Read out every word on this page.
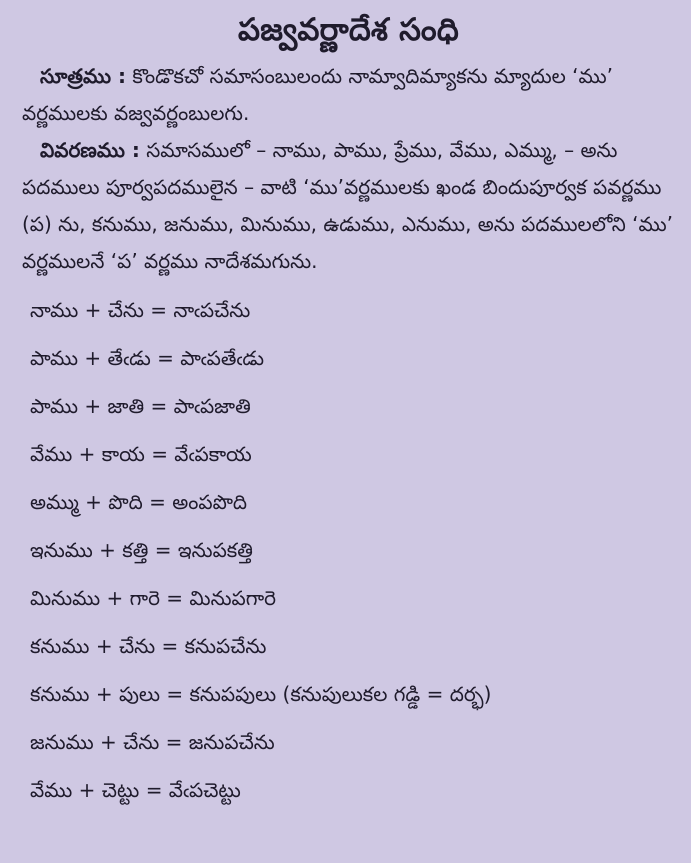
పజ్వవర్ణాదేశ సంధి

సూత్రము : కొండొకచో సమాసంబులందు నామ్వాదిమ్యాకను మ్యాదుల ‘ము’ వర్ణములకు వజ్వవర్ణంబులగు.

వివరణము : సమాసములో – నాము, పాము, ప్రేము, వేము, ఎమ్ము, – అను పదములు పూర్వపదములైన – వాటి ‘ము’వర్ణములకు ఖండ బిందుపూర్వక పవర్ణము (ప) ను, కనుము, జనుము, మినుము, ఉడుము, ఎనుము, అను పదములలోని ‘ము’ వర్ణములనే ‘ప’ వర్ణము నాదేశమగును.

నాము + చేను = నాఁపచేను
పాము + తేఁడు = పాఁపతేఁడు
పాము + జాతి = పాఁపజాతి
వేము + కాయ = వేఁపకాయ
అమ్ము + పొది = అంపపొది
ఇనుము + కత్తి = ఇనుపకత్తి
మినుము + గారె = మినుపగారె
కనుము + చేను = కనుపచేను
కనుము + పులు = కనుపపులు (కనుపులుకల గడ్డి = దర్భ)
జనుము + చేను = జనుపచేను
వేము + చెట్టు = వేఁపచెట్టు
